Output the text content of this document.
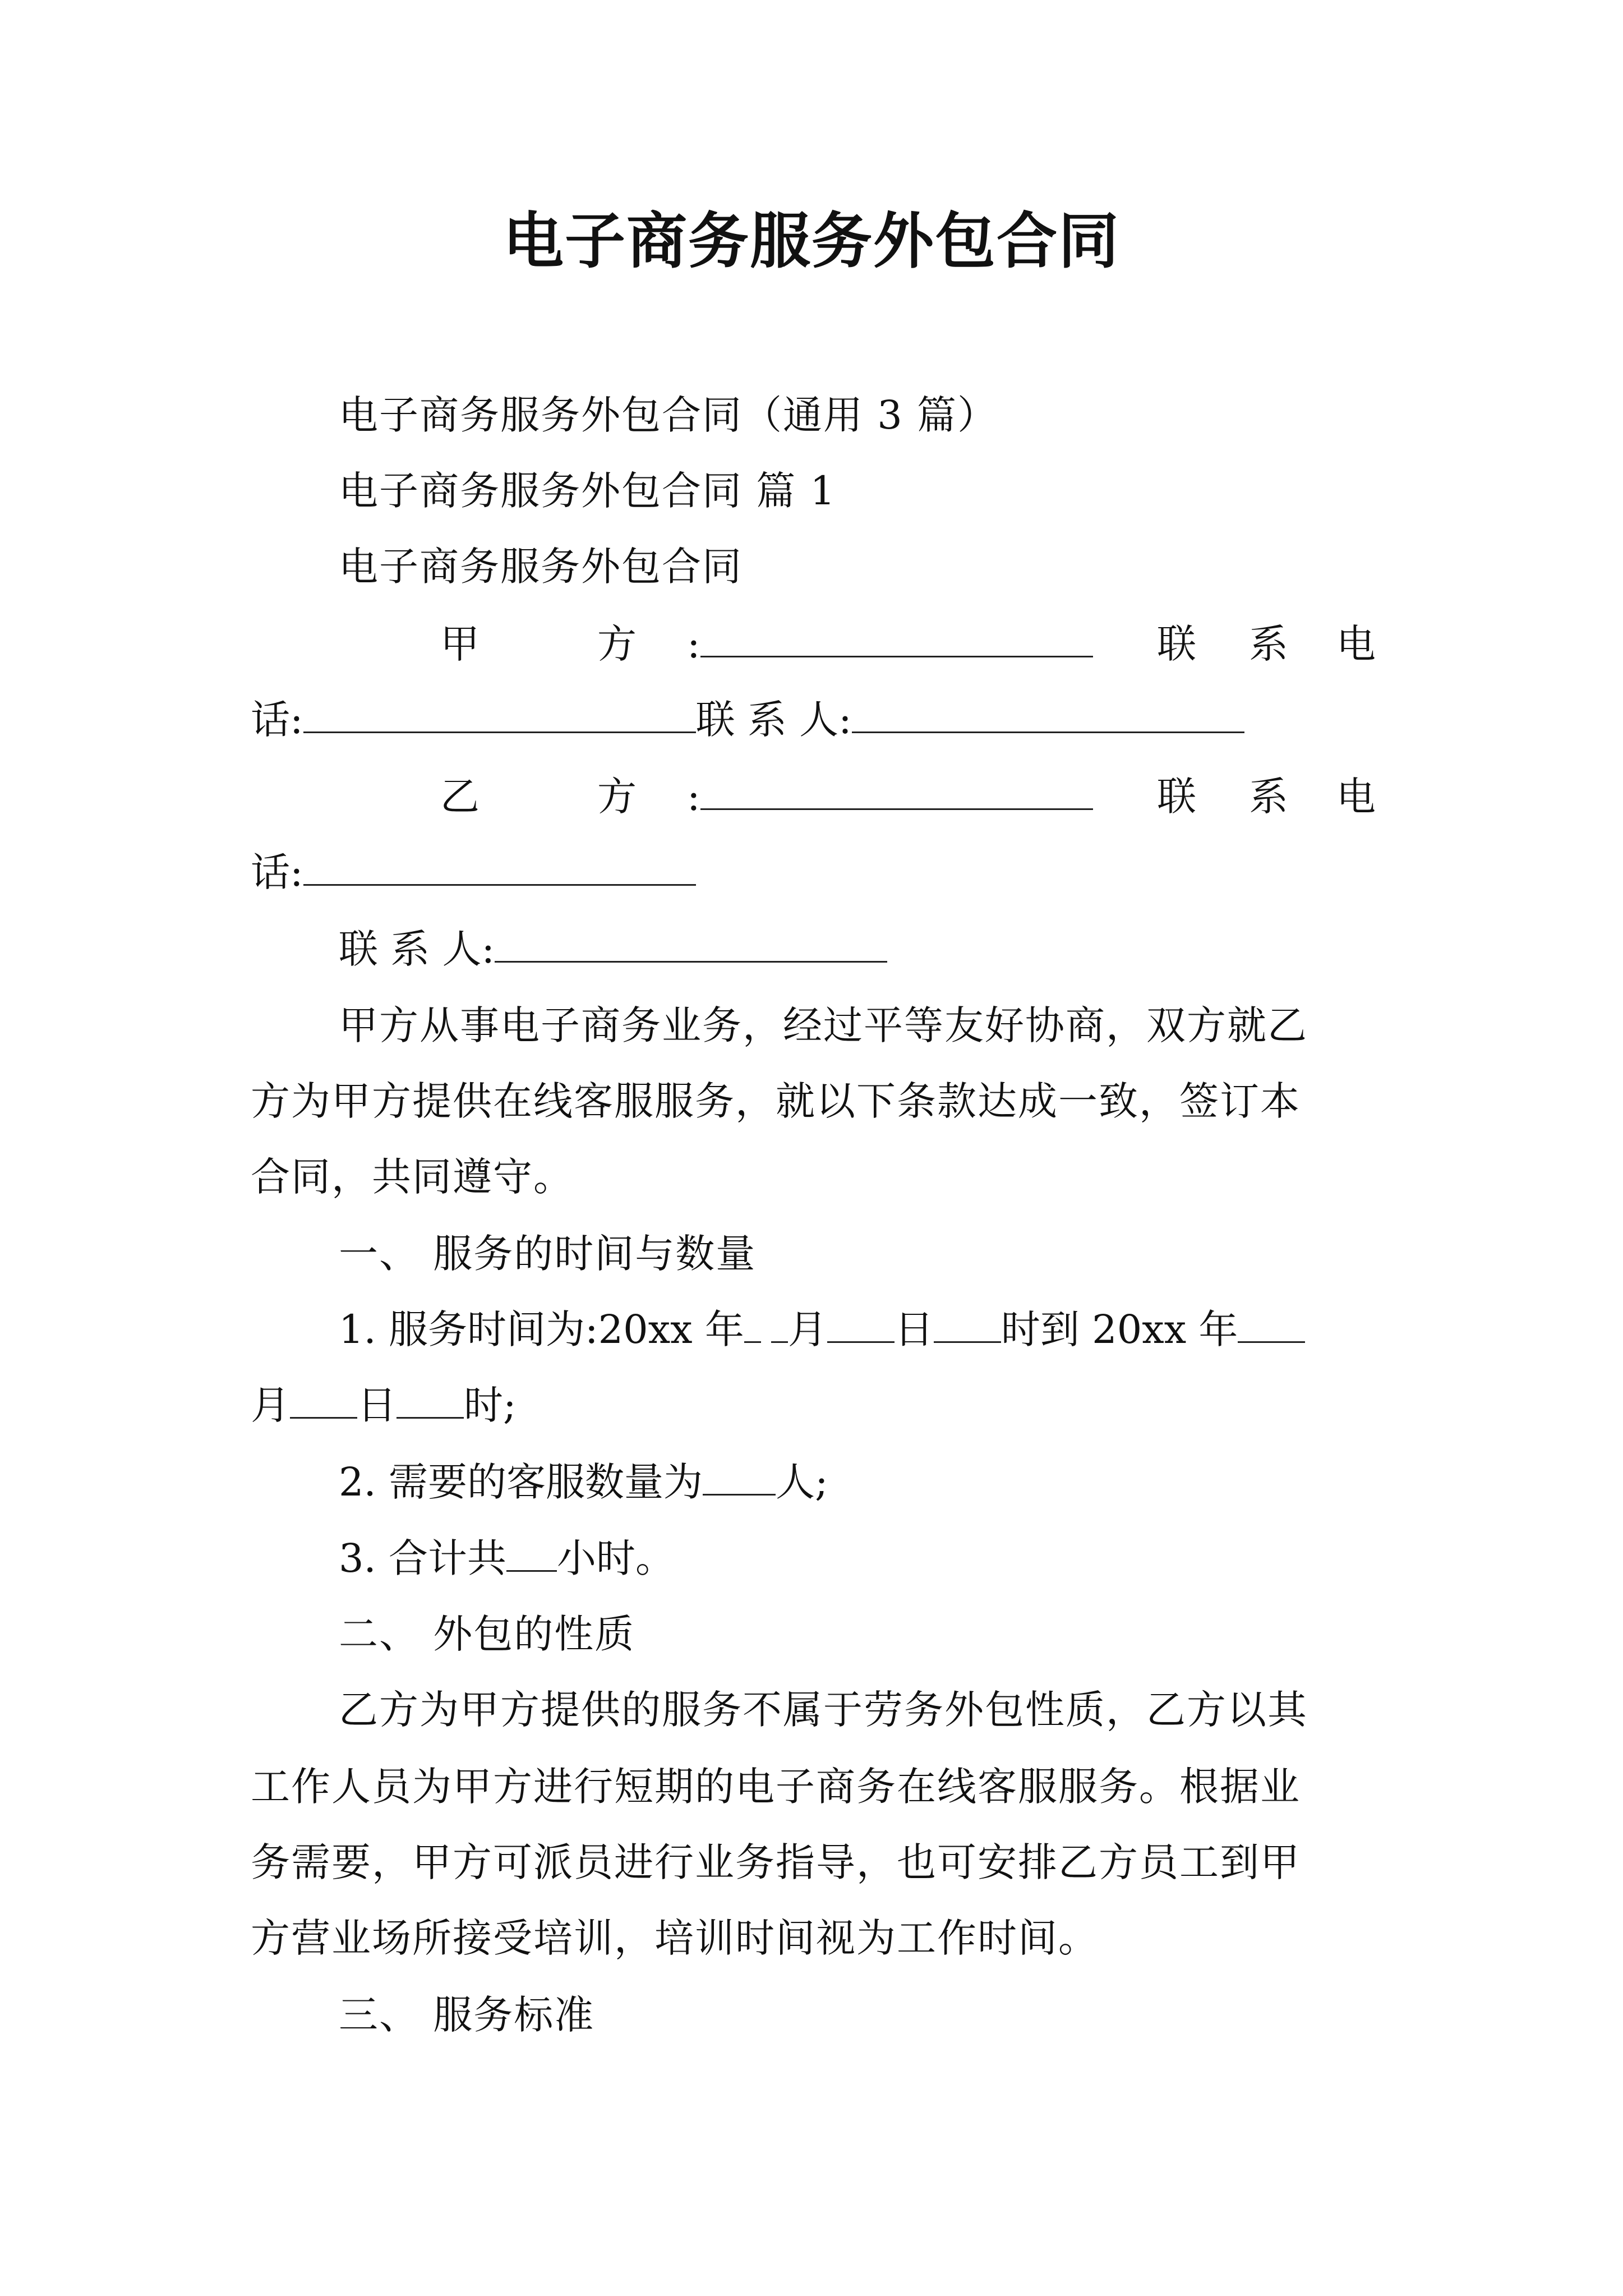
电子商务服务外包合同
电子商务服务外包合同（通用 3 篇）
电子商务服务外包合同 篇 1
电子商务服务外包合同
甲	方 :	联 系 电
话:	联 系 人:
乙	方 :	联 系 电
话:
联 系 人:
甲方从事电子商务业务，经过平等友好协商，双方就乙
方为甲方提供在线客服服务，就以下条款达成一致，签订本
合同，共同遵守。
一、 服务的时间与数量
1. 服务时间为:20xx 年 月 日 时到 20xx 年
月 日 时;
2. 需要的客服数量为 人;
3. 合计共 小时。
二、 外包的性质
乙方为甲方提供的服务不属于劳务外包性质，乙方以其
工作人员为甲方进行短期的电子商务在线客服服务。根据业
务需要，甲方可派员进行业务指导，也可安排乙方员工到甲
方营业场所接受培训，培训时间视为工作时间。
三、 服务标准
